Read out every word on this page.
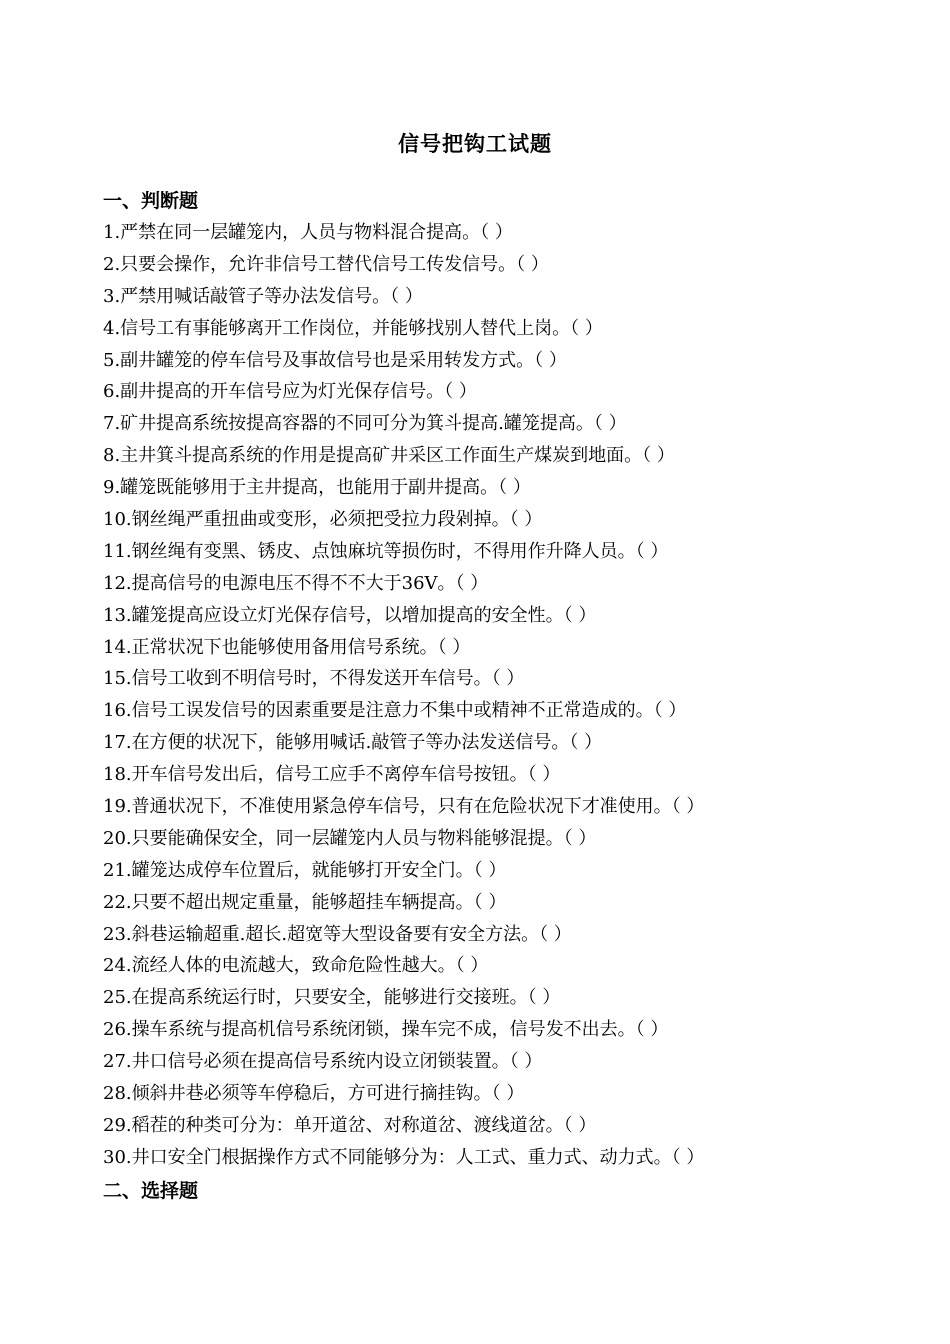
信号把钩工试题
一、判断题
1.严禁在同一层罐笼内，人员与物料混合提高。（ ）
2.只要会操作，允许非信号工替代信号工传发信号。（ ）
3.严禁用喊话敲管子等办法发信号。（ ）
4.信号工有事能够离开工作岗位，并能够找别人替代上岗。（ ）
5.副井罐笼的停车信号及事故信号也是采用转发方式。（ ）
6.副井提高的开车信号应为灯光保存信号。（ ）
7.矿井提高系统按提高容器的不同可分为箕斗提高.罐笼提高。（ ）
8.主井箕斗提高系统的作用是提高矿井采区工作面生产煤炭到地面。（ ）
9.罐笼既能够用于主井提高，也能用于副井提高。（ ）
10.钢丝绳严重扭曲或变形，必须把受拉力段剁掉。（ ）
11.钢丝绳有变黑、锈皮、点蚀麻坑等损伤时，不得用作升降人员。（ ）
12.提高信号的电源电压不得不不大于36V。（ ）
13.罐笼提高应设立灯光保存信号，以增加提高的安全性。（ ）
14.正常状况下也能够使用备用信号系统。（ ）
15.信号工收到不明信号时，不得发送开车信号。（ ）
16.信号工误发信号的因素重要是注意力不集中或精神不正常造成的。（ ）
17.在方便的状况下，能够用喊话.敲管子等办法发送信号。（ ）
18.开车信号发出后，信号工应手不离停车信号按钮。（ ）
19.普通状况下，不准使用紧急停车信号，只有在危险状况下才准使用。（ ）
20.只要能确保安全，同一层罐笼内人员与物料能够混提。（ ）
21.罐笼达成停车位置后，就能够打开安全门。（ ）
22.只要不超出规定重量，能够超挂车辆提高。（ ）
23.斜巷运输超重.超长.超宽等大型设备要有安全方法。（ ）
24.流经人体的电流越大，致命危险性越大。（ ）
25.在提高系统运行时，只要安全，能够进行交接班。（ ）
26.操车系统与提高机信号系统闭锁，操车完不成，信号发不出去。（ ）
27.井口信号必须在提高信号系统内设立闭锁装置。（ ）
28.倾斜井巷必须等车停稳后，方可进行摘挂钩。（ ）
29.稻茬的种类可分为：单开道岔、对称道岔、渡线道岔。（ ）
30.井口安全门根据操作方式不同能够分为：人工式、重力式、动力式。（ ）
二、选择题
